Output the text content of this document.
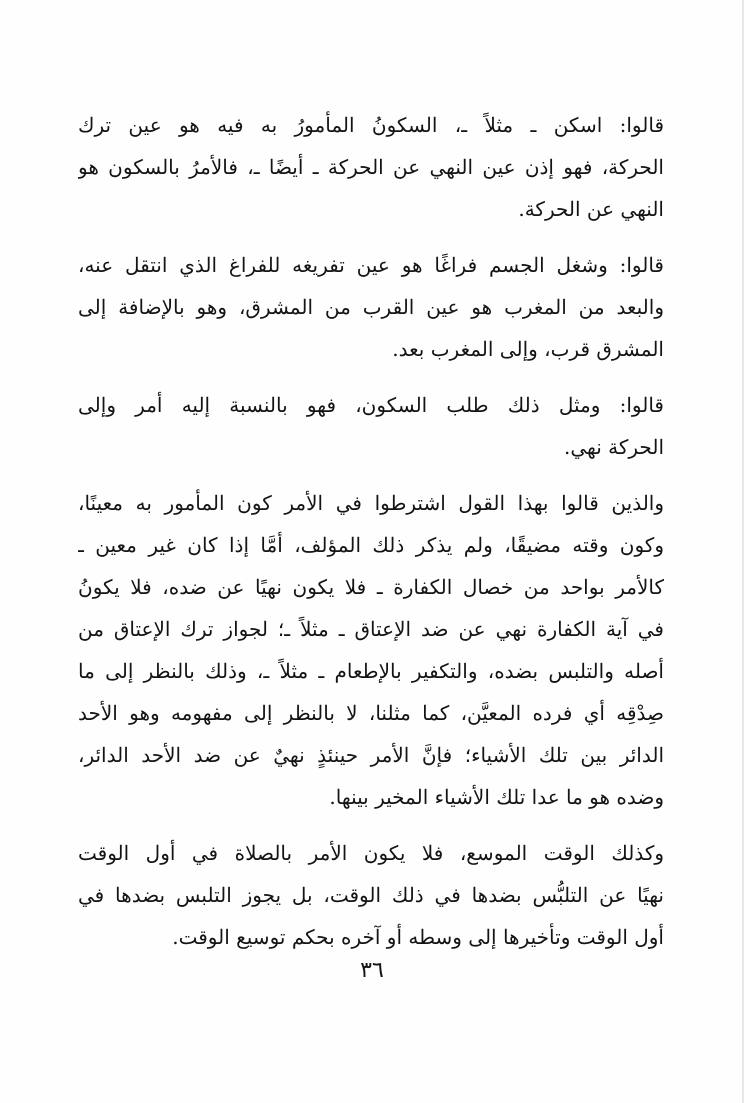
قالوا: اسكن ـ مثلاً ـ، السكونُ المأمورُ به فيه هو عين ترك
الحركة، فهو إذن عين النهي عن الحركة ـ أيضًا ـ، فالأمرُ بالسكون هو
النهي عن الحركة.

قالوا: وشغل الجسم فراغًا هو عين تفريغه للفراغ الذي انتقل عنه،
والبعد من المغرب هو عين القرب من المشرق، وهو بالإضافة إلى
المشرق قرب، وإلى المغرب بعد.

قالوا: ومثل ذلك طلب السكون، فهو بالنسبة إليه أمر وإلى
الحركة نهي.

والذين قالوا بهذا القول اشترطوا في الأمر كون المأمور به معينًا،
وكون وقته مضيقًا، ولم يذكر ذلك المؤلف، أمَّا إذا كان غير معين ـ
كالأمر بواحد من خصال الكفارة ـ فلا يكون نهيًا عن ضده، فلا يكونُ
في آية الكفارة نهي عن ضد الإعتاق ـ مثلاً ـ؛ لجواز ترك الإعتاق من
أصله والتلبس بضده، والتكفير بالإطعام ـ مثلاً ـ، وذلك بالنظر إلى ما
صِدْقِه أي فرده المعيَّن، كما مثلنا، لا بالنظر إلى مفهومه وهو الأحد
الدائر بين تلك الأشياء؛ فإنَّ الأمر حينئذٍ نهيٌ عن ضد الأحد الدائر،
وضده هو ما عدا تلك الأشياء المخير بينها.

وكذلك الوقت الموسع، فلا يكون الأمر بالصلاة في أول الوقت
نهيًا عن التلبُّس بضدها في ذلك الوقت، بل يجوز التلبس بضدها في
أول الوقت وتأخيرها إلى وسطه أو آخره بحكم توسيع الوقت.

٣٦
